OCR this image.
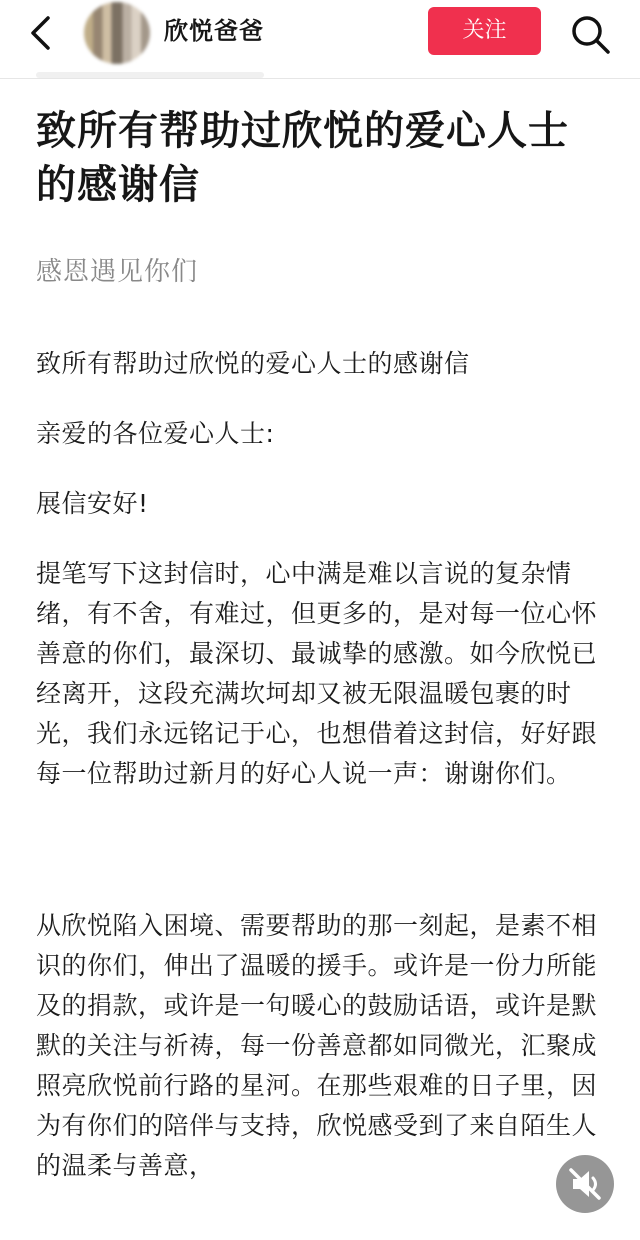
欣悦爸爸	关注
致所有帮助过欣悦的爱心人士的感谢信
感恩遇见你们
致所有帮助过欣悦的爱心人士的感谢信
亲爱的各位爱心人士:
展信安好!
提笔写下这封信时，心中满是难以言说的复杂情绪，有不舍，有难过，但更多的，是对每一位心怀善意的你们，最深切、最诚挚的感激。如今欣悦已经离开，这段充满坎坷却又被无限温暖包裹的时光，我们永远铭记于心，也想借着这封信，好好跟每一位帮助过新月的好心人说一声：谢谢你们。
从欣悦陷入困境、需要帮助的那一刻起，是素不相识的你们，伸出了温暖的援手。或许是一份力所能及的捐款，或许是一句暖心的鼓励话语，或许是默默的关注与祈祷，每一份善意都如同微光，汇聚成照亮欣悦前行路的星河。在那些艰难的日子里，因为有你们的陪伴与支持，欣悦感受到了来自陌生人的温柔与善意，
